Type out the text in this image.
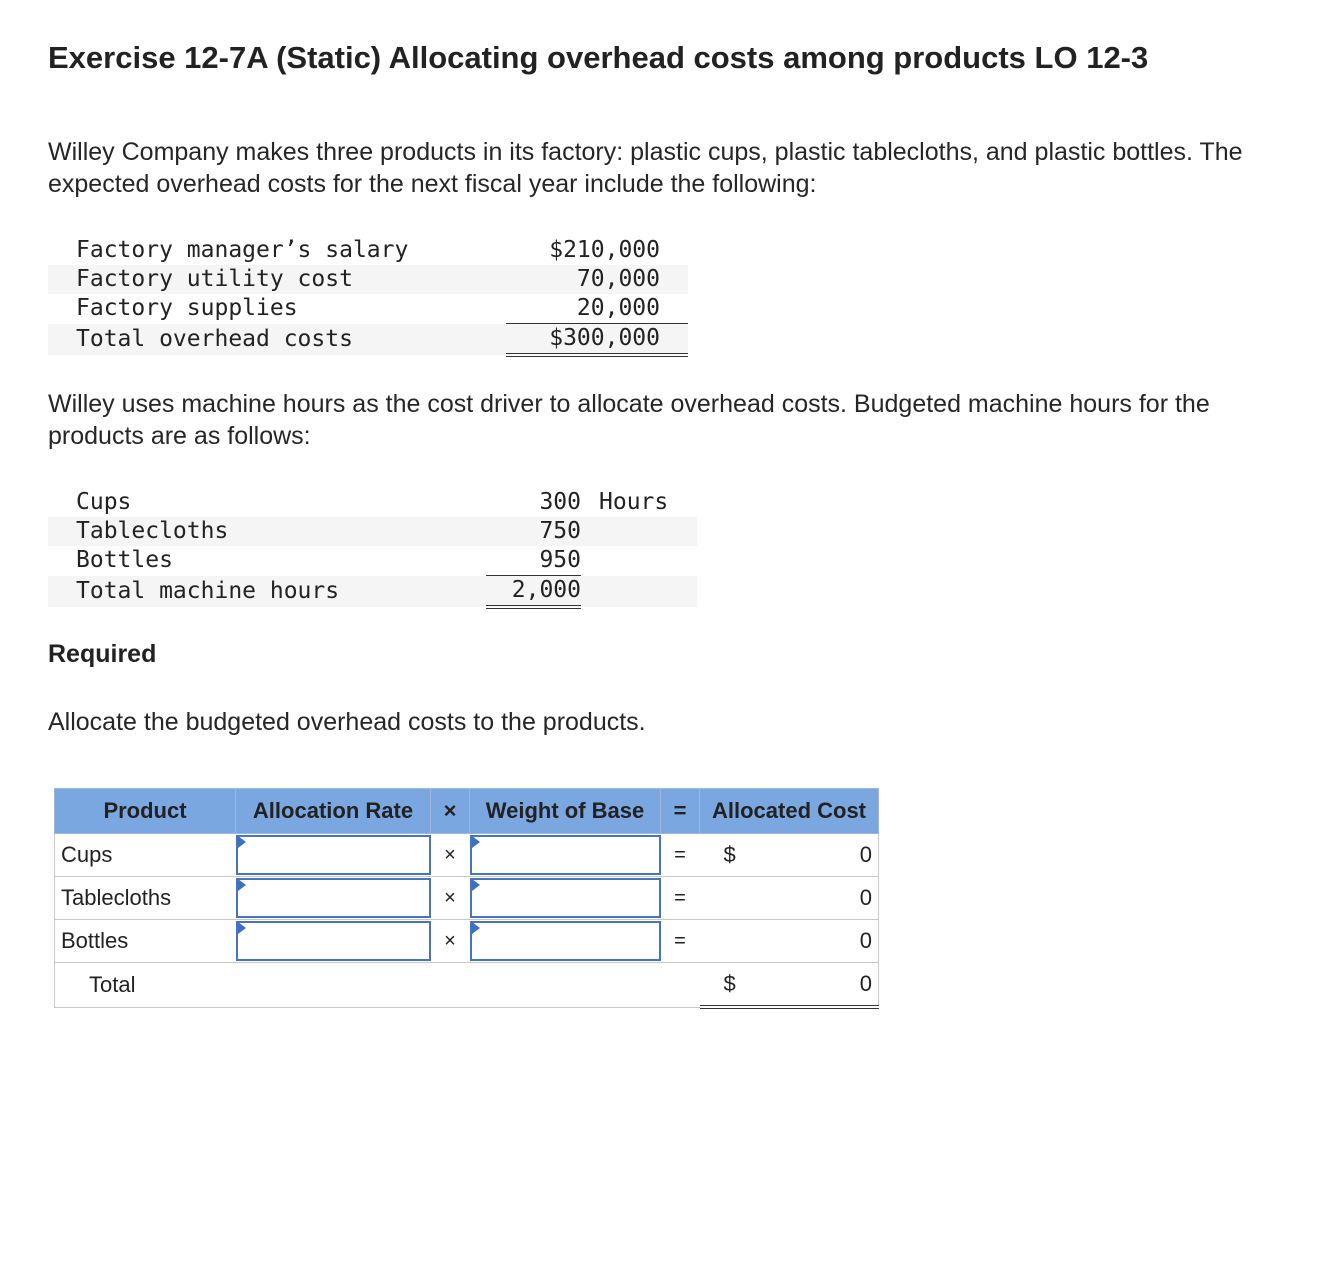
Exercise 12-7A (Static) Allocating overhead costs among products LO 12-3

Willey Company makes three products in its factory: plastic cups, plastic tablecloths, and plastic bottles. The expected overhead costs for the next fiscal year include the following:

Factory manager’s salary	$210,000
Factory utility cost	70,000
Factory supplies	20,000
Total overhead costs	$300,000

Willey uses machine hours as the cost driver to allocate overhead costs. Budgeted machine hours for the products are as follows:

Cups	300	Hours
Tablecloths	750	
Bottles	950	
Total machine hours	2,000	
Required

Allocate the budgeted overhead costs to the products.

Product	Allocation Rate	×	Weight of Base	=	Allocated Cost
Cups		×		=	$ 0

Tablecloths		×		=	0

Bottles		×		=	0

Total					$ 0
